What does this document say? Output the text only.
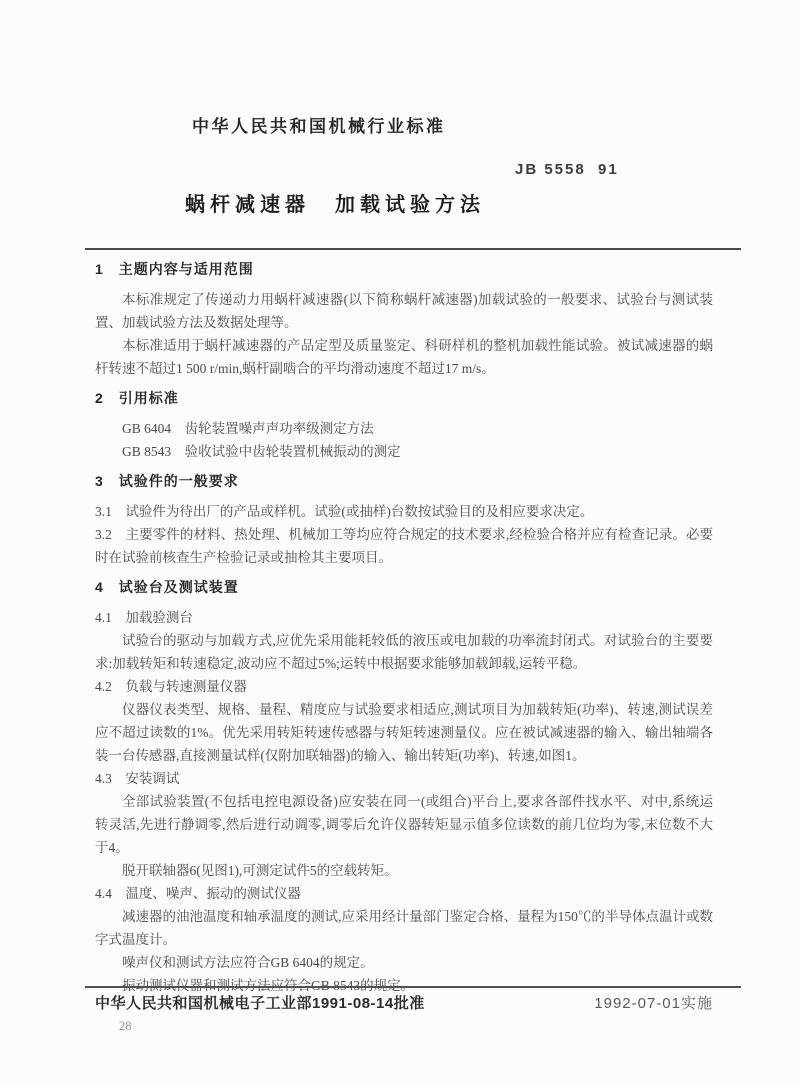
中华人民共和国机械行业标准
JB 5558  91
蜗杆减速器　加载试验方法

1　主题内容与适用范围

本标准规定了传递动力用蜗杆减速器(以下简称蜗杆减速器)加载试验的一般要求、试验台与测试装置、加载试验方法及数据处理等。

本标准适用于蜗杆减速器的产品定型及质量鉴定、科研样机的整机加载性能试验。被试减速器的蜗杆转速不超过1 500 r/min,蜗杆副啮合的平均滑动速度不超过17 m/s。

2　引用标准

GB 6404　齿轮装置噪声声功率级测定方法

GB 8543　验收试验中齿轮装置机械振动的测定

3　试验件的一般要求

3.1　试验件为待出厂的产品或样机。试验(或抽样)台数按试验目的及相应要求决定。

3.2　主要零件的材料、热处理、机械加工等均应符合规定的技术要求,经检验合格并应有检查记录。必要时在试验前核查生产检验记录或抽检其主要项目。

4　试验台及测试装置

4.1　加载验测台

试验台的驱动与加载方式,应优先采用能耗较低的液压或电加载的功率流封闭式。对试验台的主要要求:加载转矩和转速稳定,波动应不超过5%;运转中根据要求能够加载卸载,运转平稳。

4.2　负载与转速测量仪器

仪器仪表类型、规格、量程、精度应与试验要求相适应,测试项目为加载转矩(功率)、转速,测试误差应不超过读数的1%。优先采用转矩转速传感器与转矩转速测量仪。应在被试减速器的输入、输出轴端各装一台传感器,直接测量试样(仅附加联轴器)的输入、输出转矩(功率)、转速,如图1。

4.3　安装调试

全部试验装置(不包括电控电源设备)应安装在同一(或组合)平台上,要求各部件找水平、对中,系统运转灵活,先进行静调零,然后进行动调零,调零后允许仪器转矩显示值多位读数的前几位均为零,末位数不大于4。

脱开联轴器6(见图1),可测定试件5的空载转矩。

4.4　温度、噪声、振动的测试仪器

减速器的油池温度和轴承温度的测试,应采用经计量部门鉴定合格、量程为150℃的半导体点温计或数字式温度计。

噪声仪和测试方法应符合GB 6404的规定。

中华人民共和国机械电子工业部1991-08-14批准	1992-07-01实施
28
